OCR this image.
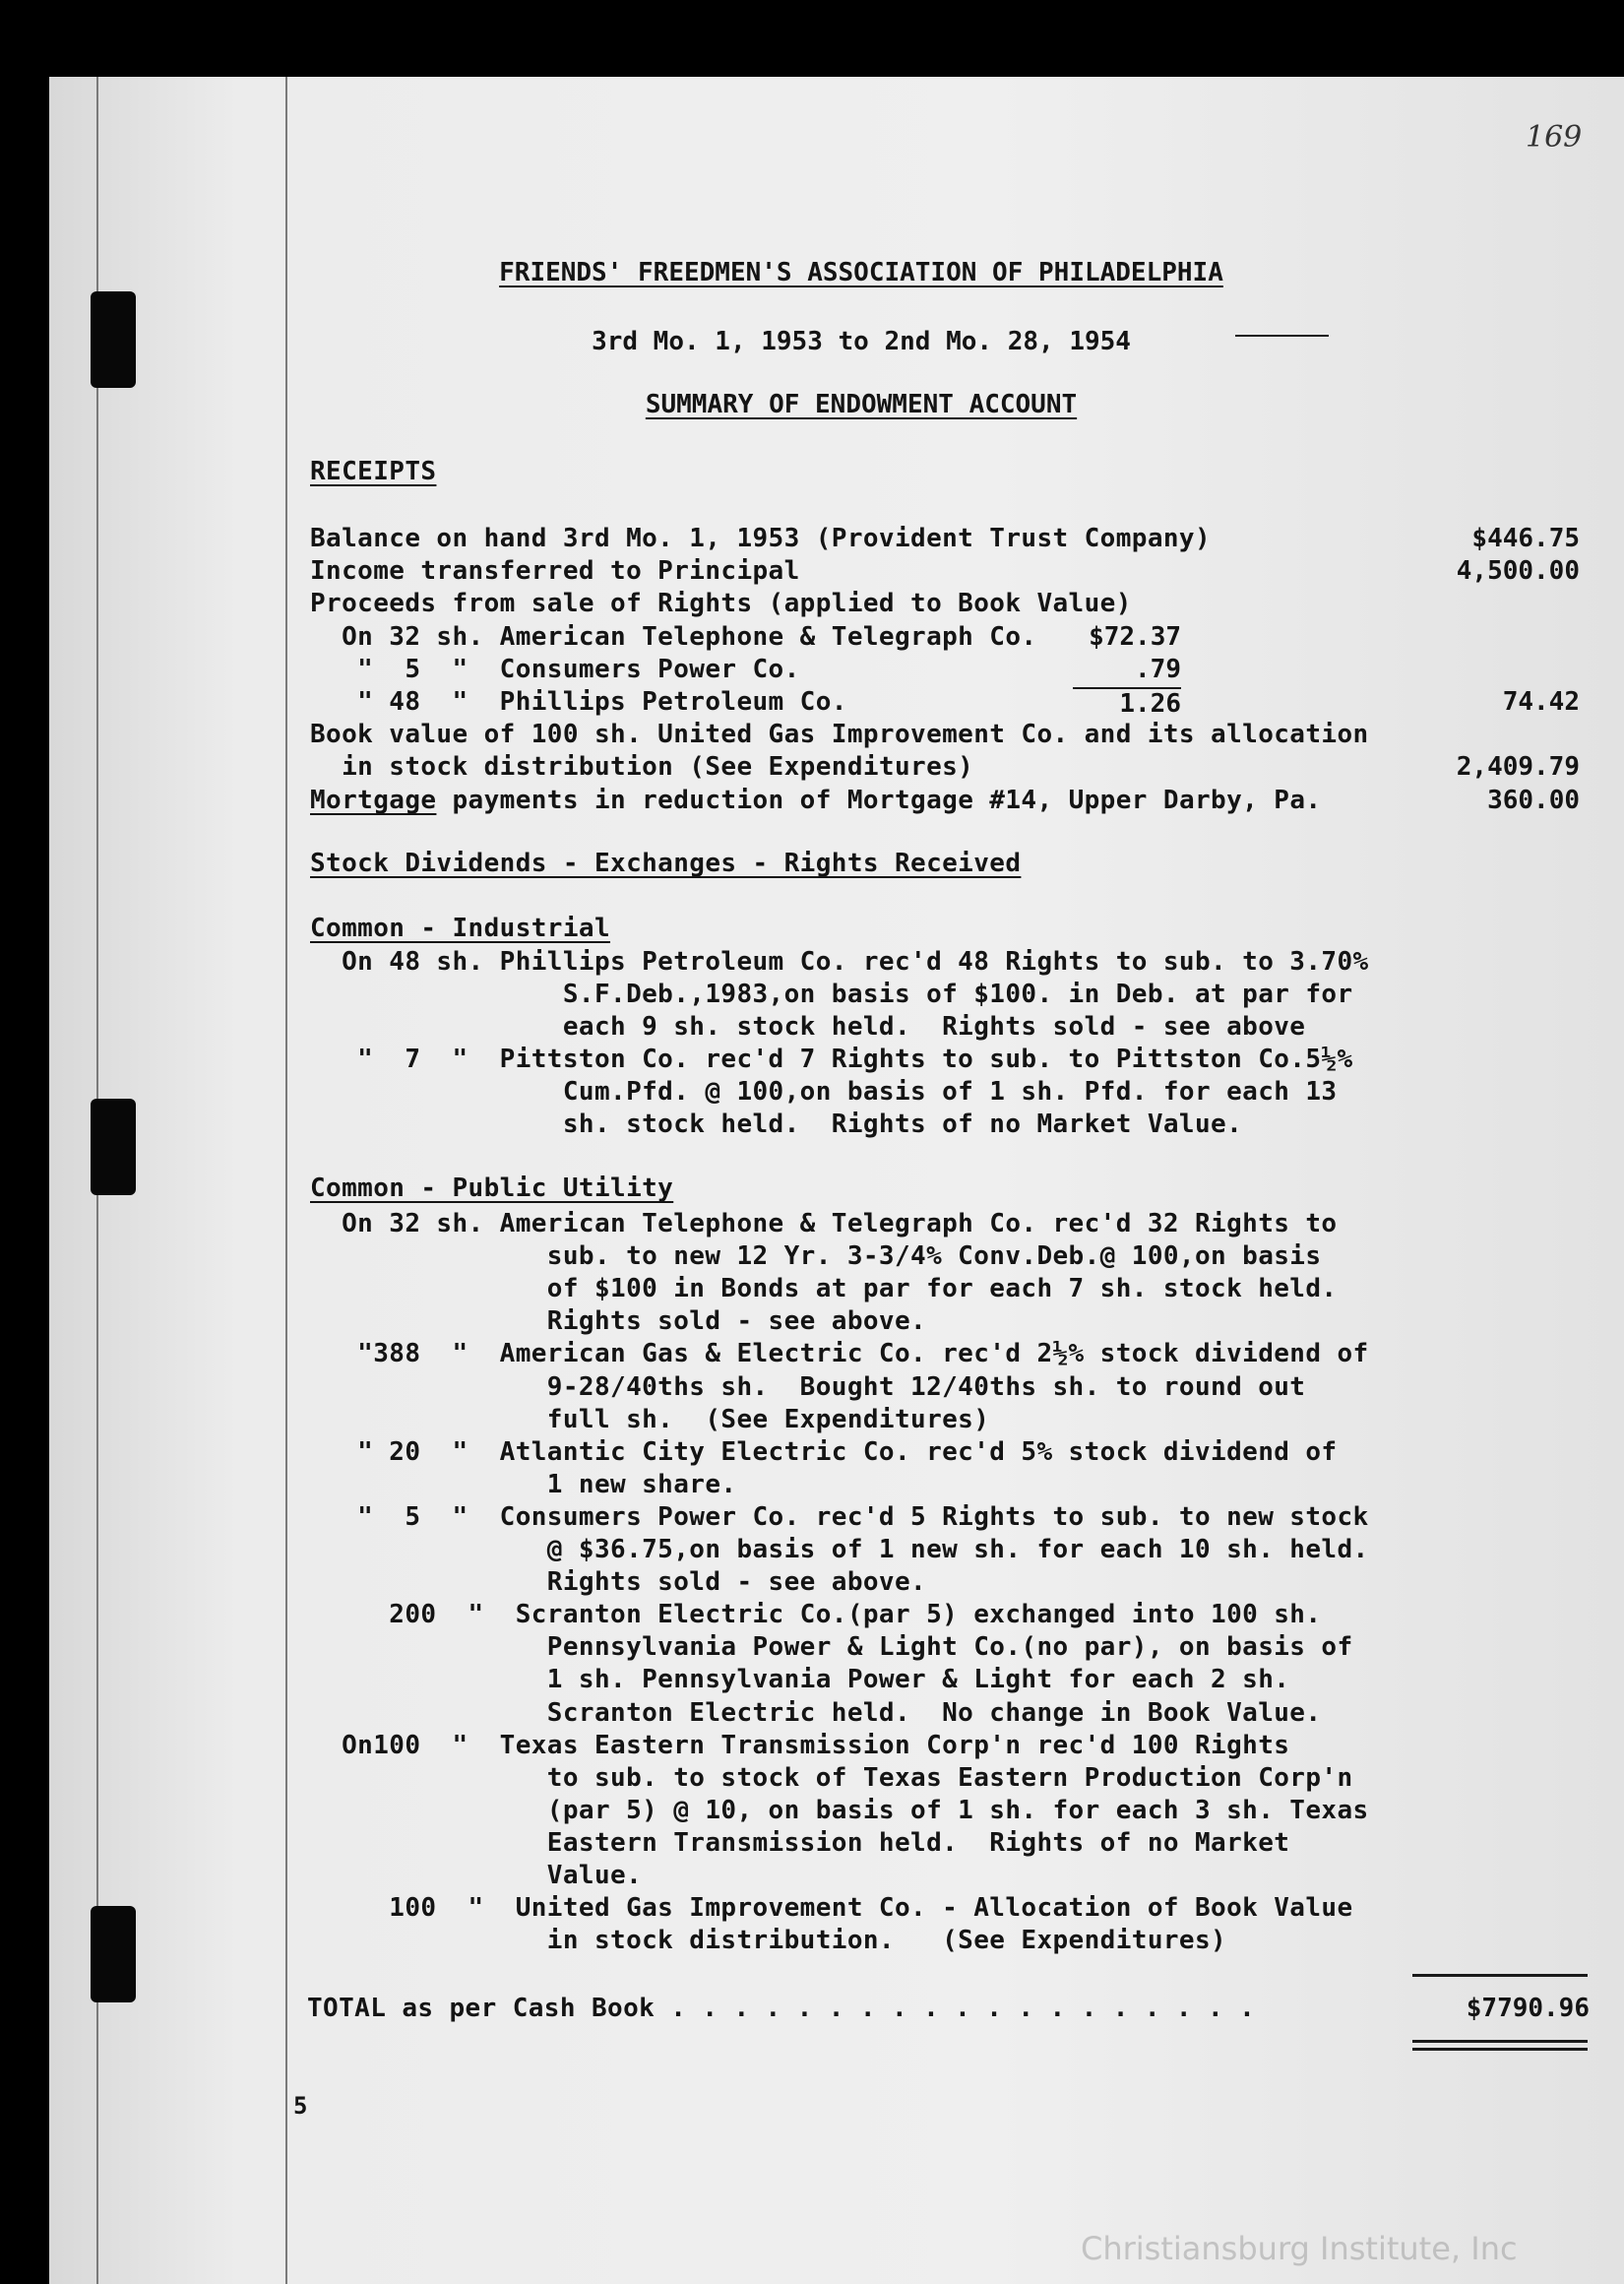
169
FRIENDS' FREEDMEN'S ASSOCIATION OF PHILADELPHIA
3rd Mo. 1, 1953 to 2nd Mo. 28, 1954
SUMMARY OF ENDOWMENT ACCOUNT
RECEIPTS
Balance on hand 3rd Mo. 1, 1953 (Provident Trust Company)	$446.75
Income transferred to Principal	4,500.00
Proceeds from sale of Rights (applied to Book Value)
On 32 sh. American Telephone & Telegraph Co.	$72.37
"  5  "  Consumers Power Co.	.79
" 48  "  Phillips Petroleum Co.	1.26	74.42
Book value of 100 sh. United Gas Improvement Co. and its allocation
in stock distribution (See Expenditures)	2,409.79
Mortgage payments in reduction of Mortgage #14, Upper Darby, Pa.	360.00
Stock Dividends - Exchanges - Rights Received
Common - Industrial
On 48 sh. Phillips Petroleum Co. rec'd 48 Rights to sub. to 3.70%
S.F.Deb.,1983,on basis of $100. in Deb. at par for
each 9 sh. stock held.  Rights sold - see above
"  7  "  Pittston Co. rec'd 7 Rights to sub. to Pittston Co.5½%
Cum.Pfd. @ 100,on basis of 1 sh. Pfd. for each 13
sh. stock held.  Rights of no Market Value.
Common - Public Utility
On 32 sh. American Telephone & Telegraph Co. rec'd 32 Rights to
sub. to new 12 Yr. 3-3/4% Conv.Deb.@ 100,on basis
of $100 in Bonds at par for each 7 sh. stock held.
Rights sold - see above.
"388  "  American Gas & Electric Co. rec'd 2½% stock dividend of
9-28/40ths sh.  Bought 12/40ths sh. to round out
full sh.  (See Expenditures)
" 20  "  Atlantic City Electric Co. rec'd 5% stock dividend of
1 new share.
"  5  "  Consumers Power Co. rec'd 5 Rights to sub. to new stock
@ $36.75,on basis of 1 new sh. for each 10 sh. held.
Rights sold - see above.
200  "  Scranton Electric Co.(par 5) exchanged into 100 sh.
Pennsylvania Power & Light Co.(no par), on basis of
1 sh. Pennsylvania Power & Light for each 2 sh.
Scranton Electric held.  No change in Book Value.
On100  "  Texas Eastern Transmission Corp'n rec'd 100 Rights
to sub. to stock of Texas Eastern Production Corp'n
(par 5) @ 10, on basis of 1 sh. for each 3 sh. Texas
Eastern Transmission held.  Rights of no Market
Value.
100  "  United Gas Improvement Co. - Allocation of Book Value
in stock distribution.   (See Expenditures)
TOTAL as per Cash Book . . . . . . . . . . . . . . . . . . .	$7790.96
5
Christiansburg Institute, Inc
